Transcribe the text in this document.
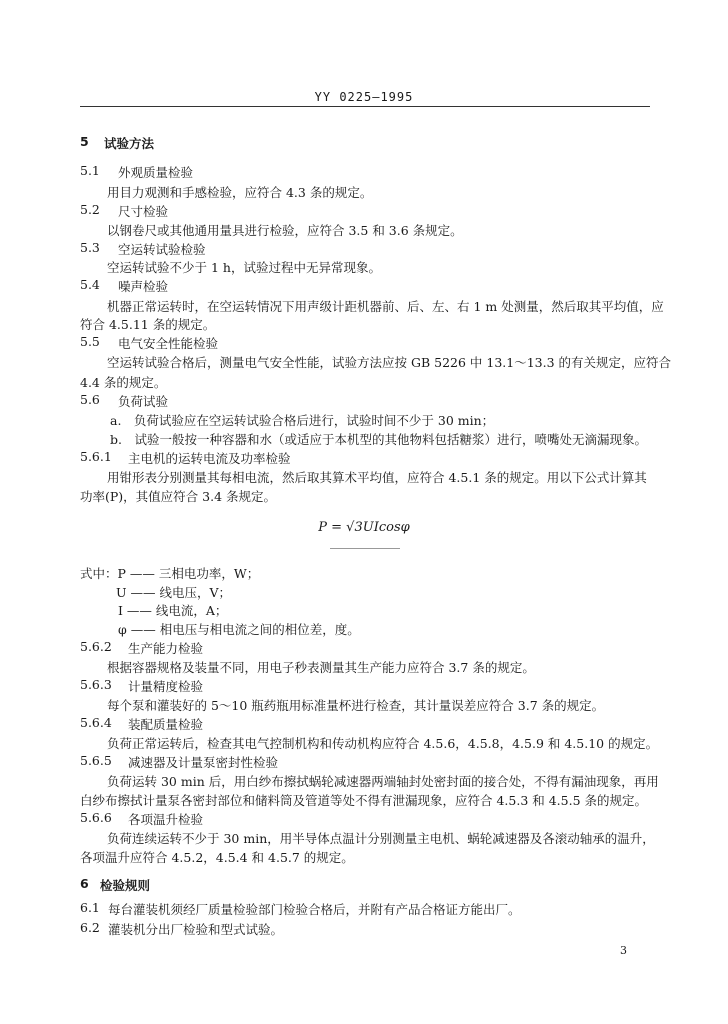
YY 0225—1995
5 试验方法
5.1 外观质量检验
用目力观测和手感检验，应符合 4.3 条的规定。
5.2 尺寸检验
以钢卷尺或其他通用量具进行检验，应符合 3.5 和 3.6 条规定。
5.3 空运转试验检验
空运转试验不少于 1 h，试验过程中无异常现象。
5.4 噪声检验
机器正常运转时，在空运转情况下用声级计距机器前、后、左、右 1 m 处测量，然后取其平均值，应
符合 4.5.11 条的规定。
5.5 电气安全性能检验
空运转试验合格后，测量电气安全性能，试验方法应按 GB 5226 中 13.1～13.3 的有关规定，应符合
4.4 条的规定。
5.6 负荷试验
a.　负荷试验应在空运转试验合格后进行，试验时间不少于 30 min；
b.　试验一般按一种容器和水（或适应于本机型的其他物料包括糖浆）进行，喷嘴处无滴漏现象。
5.6.1 主电机的运转电流及功率检验
用钳形表分别测量其每相电流，然后取其算术平均值，应符合 4.5.1 条的规定。用以下公式计算其
功率(P)，其值应符合 3.4 条规定。
P = √3UIcosφ
式中：P —— 三相电功率，W；
U —— 线电压，V；
I —— 线电流，A；
φ —— 相电压与相电流之间的相位差，度。
5.6.2 生产能力检验
根据容器规格及装量不同，用电子秒表测量其生产能力应符合 3.7 条的规定。
5.6.3 计量精度检验
每个泵和灌装好的 5～10 瓶药瓶用标准量杯进行检查，其计量误差应符合 3.7 条的规定。
5.6.4 装配质量检验
负荷正常运转后，检查其电气控制机构和传动机构应符合 4.5.6，4.5.8，4.5.9 和 4.5.10 的规定。
5.6.5 减速器及计量泵密封性检验
负荷运转 30 min 后，用白纱布擦拭蜗轮减速器两端轴封处密封面的接合处，不得有漏油现象，再用
白纱布擦拭计量泵各密封部位和储料筒及管道等处不得有泄漏现象，应符合 4.5.3 和 4.5.5 条的规定。
5.6.6 各项温升检验
负荷连续运转不少于 30 min，用半导体点温计分别测量主电机、蜗轮减速器及各滚动轴承的温升，
各项温升应符合 4.5.2，4.5.4 和 4.5.7 的规定。
6 检验规则
6.1 每台灌装机须经厂质量检验部门检验合格后，并附有产品合格证方能出厂。
6.2 灌装机分出厂检验和型式试验。
3
